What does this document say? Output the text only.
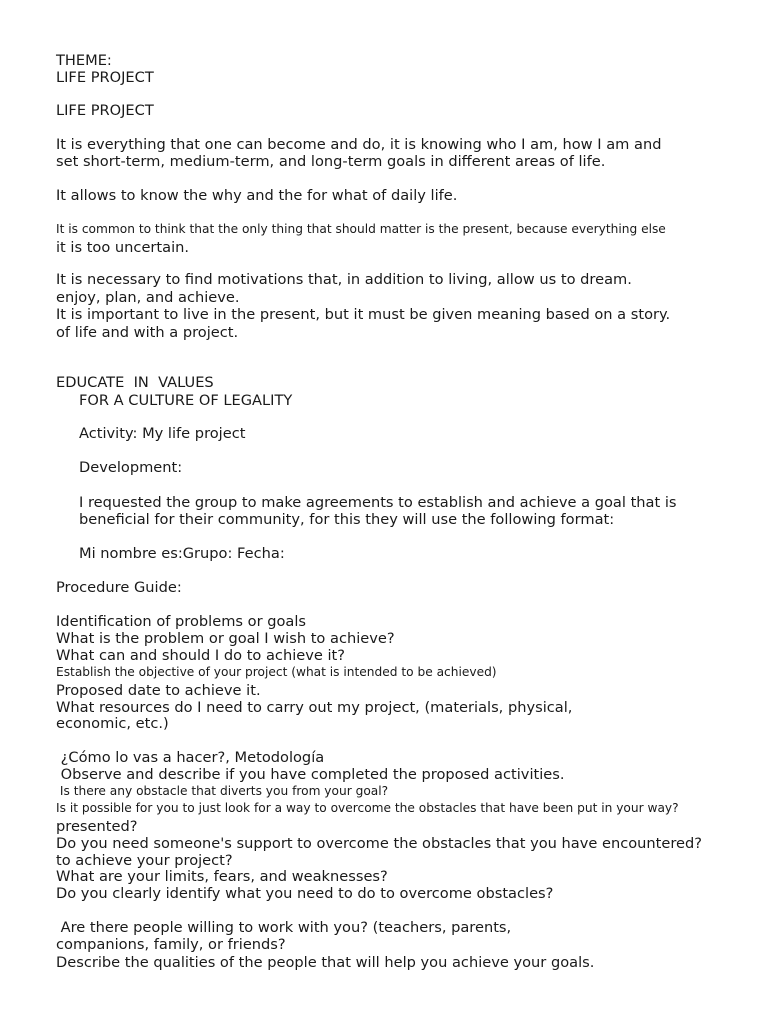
THEME:
LIFE PROJECT
LIFE PROJECT
It is everything that one can become and do, it is knowing who I am, how I am and
set short-term, medium-term, and long-term goals in different areas of life.
It allows to know the why and the for what of daily life.
It is common to think that the only thing that should matter is the present, because everything else
it is too uncertain.
It is necessary to find motivations that, in addition to living, allow us to dream.
enjoy, plan, and achieve.
It is important to live in the present, but it must be given meaning based on a story.
of life and with a project.
EDUCATE  IN  VALUES
FOR A CULTURE OF LEGALITY
Activity: My life project
Development:
I requested the group to make agreements to establish and achieve a goal that is
beneficial for their community, for this they will use the following format:
Mi nombre es:Grupo: Fecha:
Procedure Guide:
Identification of problems or goals
What is the problem or goal I wish to achieve?
What can and should I do to achieve it?
Establish the objective of your project (what is intended to be achieved)
Proposed date to achieve it.
What resources do I need to carry out my project, (materials, physical,
economic, etc.)
¿Cómo lo vas a hacer?, Metodología
Observe and describe if you have completed the proposed activities.
Is there any obstacle that diverts you from your goal?
Is it possible for you to just look for a way to overcome the obstacles that have been put in your way?
presented?
Do you need someone's support to overcome the obstacles that you have encountered?
to achieve your project?
What are your limits, fears, and weaknesses?
Do you clearly identify what you need to do to overcome obstacles?
Are there people willing to work with you? (teachers, parents,
companions, family, or friends?
Describe the qualities of the people that will help you achieve your goals.
